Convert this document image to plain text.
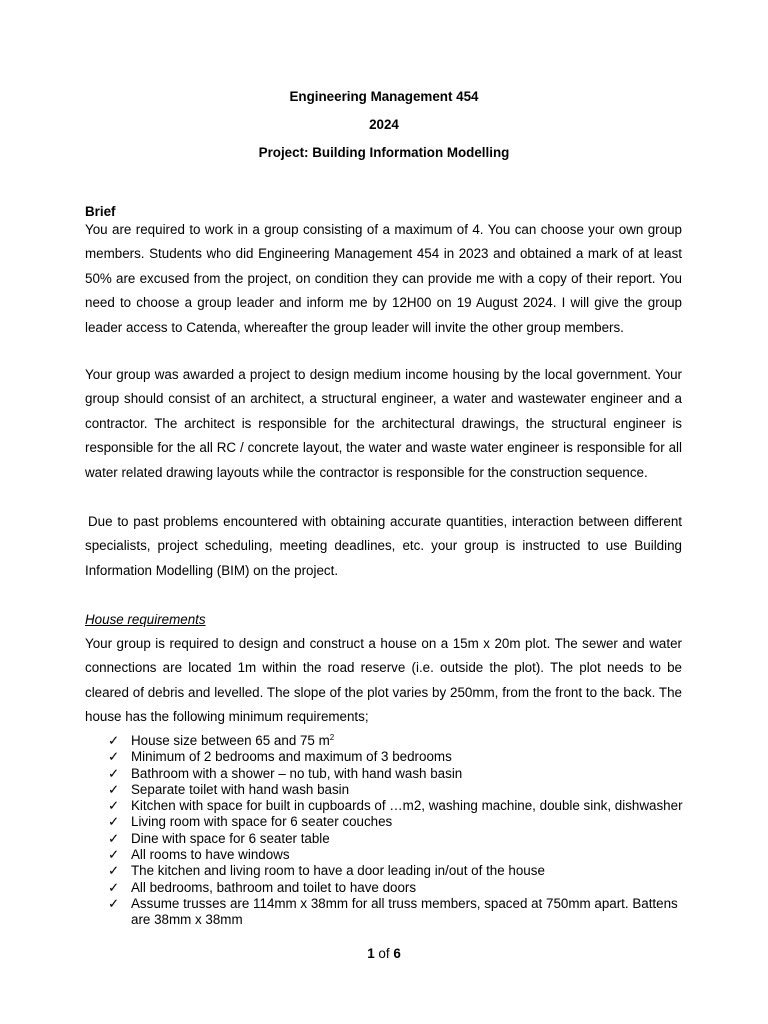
Engineering Management 454
2024
Project: Building Information Modelling
Brief

You are required to work in a group consisting of a maximum of 4. You can choose your own group members. Students who did Engineering Management 454 in 2023 and obtained a mark of at least 50% are excused from the project, on condition they can provide me with a copy of their report. You need to choose a group leader and inform me by 12H00 on 19 August 2024. I will give the group leader access to Catenda, whereafter the group leader will invite the other group members.

Your group was awarded a project to design medium income housing by the local government. Your group should consist of an architect, a structural engineer, a water and wastewater engineer and a contractor. The architect is responsible for the architectural drawings, the structural engineer is responsible for the all RC / concrete layout, the water and waste water engineer is responsible for all water related drawing layouts while the contractor is responsible for the construction sequence.

Due to past problems encountered with obtaining accurate quantities, interaction between different specialists, project scheduling, meeting deadlines, etc. your group is instructed to use Building Information Modelling (BIM) on the project.

House requirements

Your group is required to design and construct a house on a 15m x 20m plot. The sewer and water connections are located 1m within the road reserve (i.e. outside the plot). The plot needs to be cleared of debris and levelled. The slope of the plot varies by 250mm, from the front to the back. The house has the following minimum requirements;

✓ House size between 65 and 75 $m^2$
✓ Minimum of 2 bedrooms and maximum of 3 bedrooms
✓ Bathroom with a shower – no tub, with hand wash basin
✓ Separate toilet with hand wash basin
✓ Kitchen with space for built in cupboards of …m2, washing machine, double sink, dishwasher
✓ Living room with space for 6 seater couches
✓ Dine with space for 6 seater table
✓ All rooms to have windows
✓ The kitchen and living room to have a door leading in/out of the house
✓ All bedrooms, bathroom and toilet to have doors
✓ Assume trusses are 114mm x 38mm for all truss members, spaced at 750mm apart. Battens are 38mm x 38mm
1 of 6
